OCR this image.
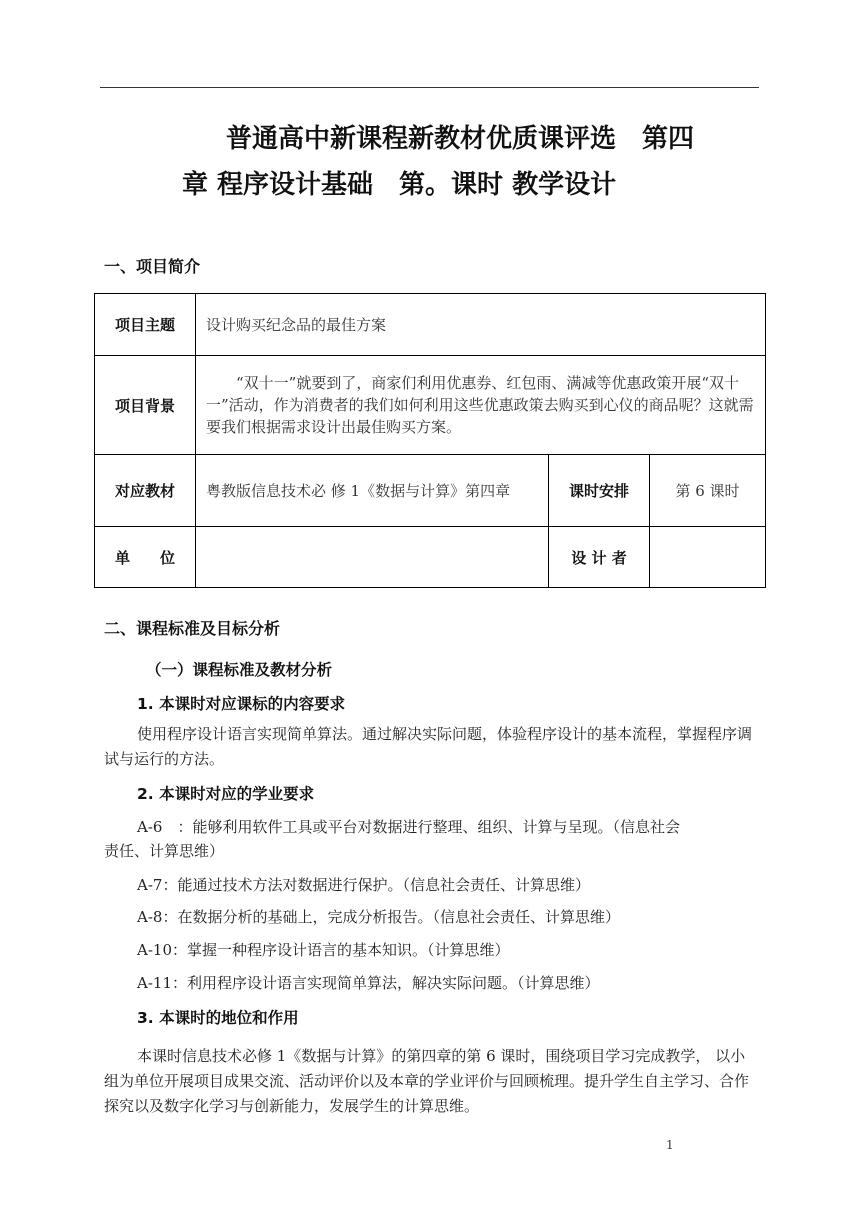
普通高中新课程新教材优质课评选　第四
章 程序设计基础　第。课时 教学设计
一、项目简介
项目主题	设计购买纪念品的最佳方案		
项目背景	“双十一”就要到了，商家们利用优惠券、红包雨、满减等优惠政策开展“双十一”活动，作为消费者的我们如何利用这些优惠政策去购买到心仪的商品呢？这就需要我们根据需求设计出最佳购买方案。		
对应教材	粤教版信息技术必 修 1《数据与计算》第四章	课时安排	第 6 课时
单　　位		设 计 者	
二、课程标准及目标分析
（一）课程标准及教材分析
1. 本课时对应课标的内容要求
使用程序设计语言实现简单算法。通过解决实际问题，体验程序设计的基本流程，掌握程序调试与运行的方法。
2. 本课时对应的学业要求
A-6　：能够利用软件工具或平台对数据进行整理、组织、计算与呈现。（信息社会
责任、计算思维）
A-7：能通过技术方法对数据进行保护。（信息社会责任、计算思维）
A-8：在数据分析的基础上，完成分析报告。（信息社会责任、计算思维）
A-10：掌握一种程序设计语言的基本知识。（计算思维）
A-11：利用程序设计语言实现简单算法，解决实际问题。（计算思维）
3. 本课时的地位和作用
本课时信息技术必修 1《数据与计算》的第四章的第 6 课时，围绕项目学习完成教学， 以小组为单位开展项目成果交流、活动评价以及本章的学业评价与回顾梳理。提升学生自主学习、合作探究以及数字化学习与创新能力，发展学生的计算思维。
1
